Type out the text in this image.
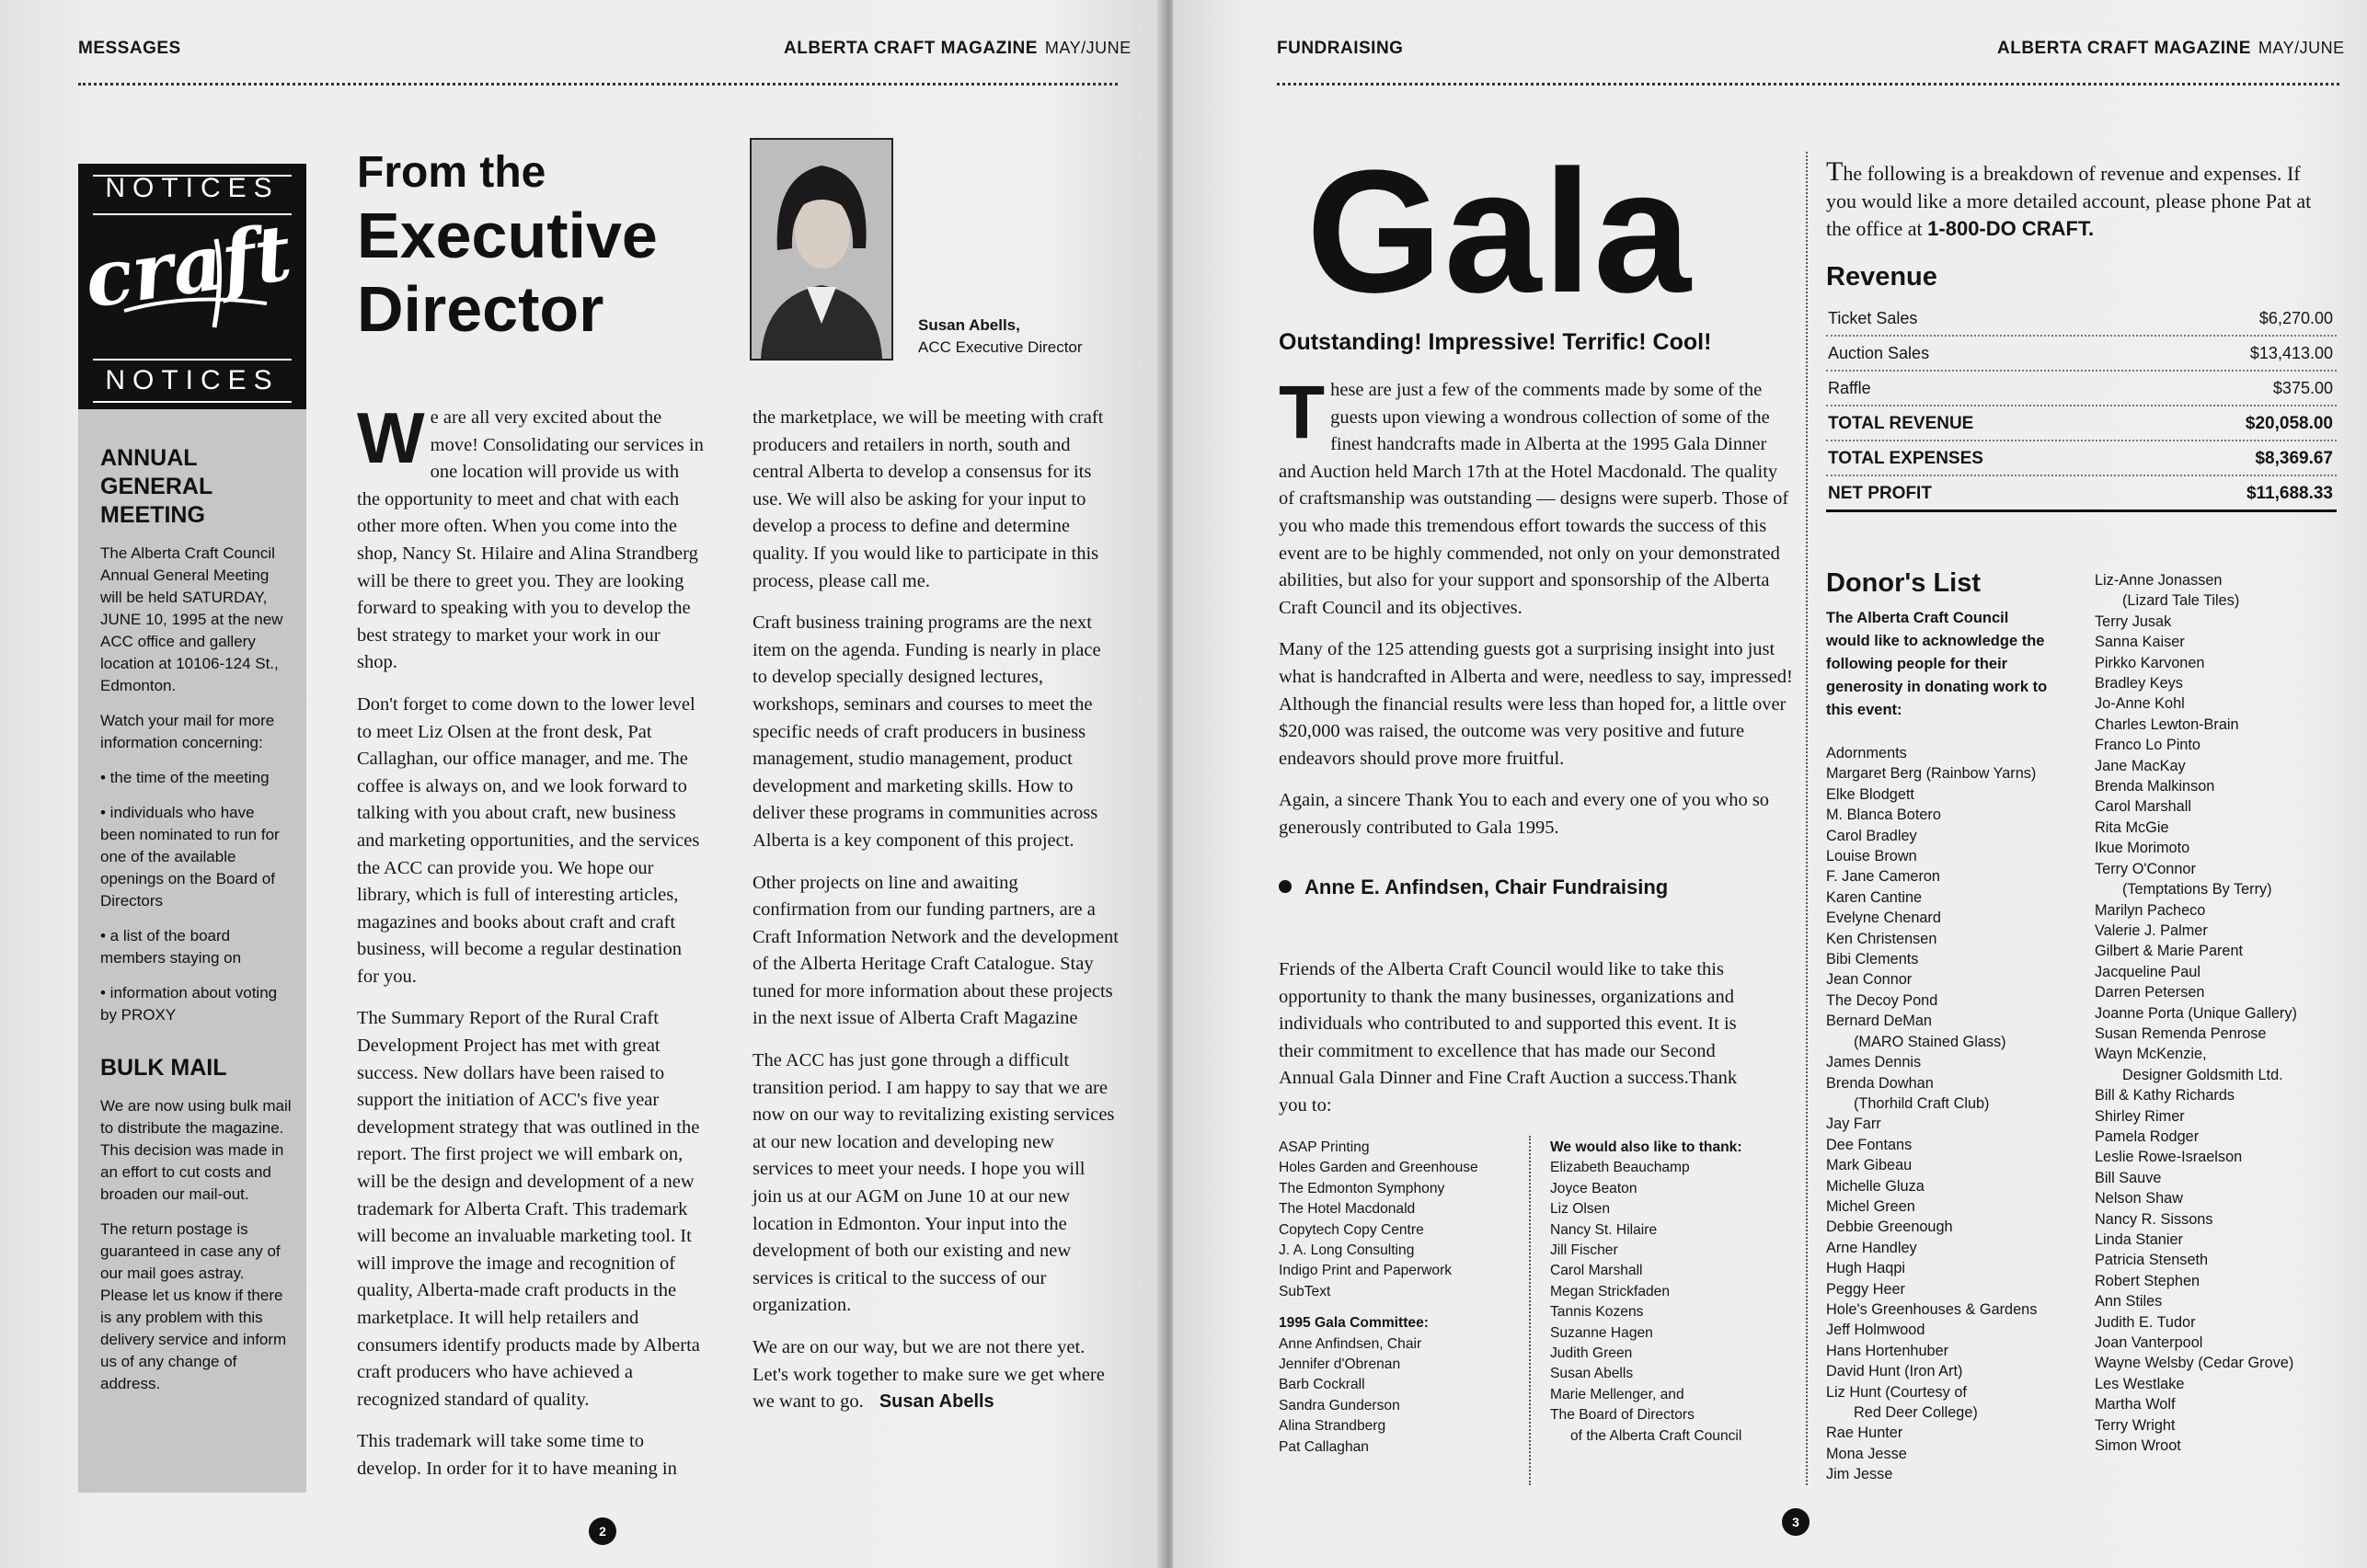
MESSAGES	ALBERTA CRAFT MAGAZINE MAY/JUNE
NOTICES
craft
NOTICES
ANNUAL GENERAL MEETING

The Alberta Craft Council Annual General Meeting will be held SATURDAY, JUNE 10, 1995 at the new ACC office and gallery location at 10106-124 St., Edmonton.

Watch your mail for more information concerning:

• the time of the meeting

• individuals who have been nominated to run for one of the available openings on the Board of Directors

• a list of the board members staying on

• information about voting by PROXY

BULK MAIL

We are now using bulk mail to distribute the magazine. This decision was made in an effort to cut costs and broaden our mail-out.

The return postage is guaranteed in case any of our mail goes astray. Please let us know if there is any problem with this delivery service and inform us of any change of address.

From the
Executive
Director	Susan Abells,
ACC Executive Director

We are all very excited about the move! Consolidating our services in one location will provide us with the opportunity to meet and chat with each other more often. When you come into the shop, Nancy St. Hilaire and Alina Strandberg will be there to greet you. They are looking forward to speaking with you to develop the best strategy to market your work in our shop.

Don't forget to come down to the lower level to meet Liz Olsen at the front desk, Pat Callaghan, our office manager, and me. The coffee is always on, and we look forward to talking with you about craft, new business and marketing opportunities, and the services the ACC can provide you. We hope our library, which is full of interesting articles, magazines and books about craft and craft business, will become a regular destination for you.

The Summary Report of the Rural Craft Development Project has met with great success. New dollars have been raised to support the initiation of ACC's five year development strategy that was outlined in the report. The first project we will embark on, will be the design and development of a new trademark for Alberta Craft. This trademark will become an invaluable marketing tool. It will improve the image and recognition of quality, Alberta-made craft products in the marketplace. It will help retailers and consumers identify products made by Alberta craft producers who have achieved a recognized standard of quality.

This trademark will take some time to develop. In order for it to have meaning in

the marketplace, we will be meeting with craft producers and retailers in north, south and central Alberta to develop a consensus for its use. We will also be asking for your input to develop a process to define and determine quality. If you would like to participate in this process, please call me.

Craft business training programs are the next item on the agenda. Funding is nearly in place to develop specially designed lectures, workshops, seminars and courses to meet the specific needs of craft producers in business management, studio management, product development and marketing skills. How to deliver these programs in communities across Alberta is a key component of this project.

Other projects on line and awaiting confirmation from our funding partners, are a Craft Information Network and the development of the Alberta Heritage Craft Catalogue. Stay tuned for more information about these projects in the next issue of Alberta Craft Magazine

The ACC has just gone through a difficult transition period. I am happy to say that we are now on our way to revitalizing existing services at our new location and developing new services to meet your needs. I hope you will join us at our AGM on June 10 at our new location in Edmonton. Your input into the development of both our existing and new services is critical to the success of our organization.

We are on our way, but we are not there yet. Let's work together to make sure we get where we want to go. Susan Abells

2
FUNDRAISING	ALBERTA CRAFT MAGAZINE MAY/JUNE
Gala
Outstanding! Impressive! Terrific! Cool!

These are just a few of the comments made by some of the guests upon viewing a wondrous collection of some of the finest handcrafts made in Alberta at the 1995 Gala Dinner and Auction held March 17th at the Hotel Macdonald. The quality of craftsmanship was outstanding — designs were superb. Those of you who made this tremendous effort towards the success of this event are to be highly commended, not only on your demonstrated abilities, but also for your support and sponsorship of the Alberta Craft Council and its objectives.

Many of the 125 attending guests got a surprising insight into just what is handcrafted in Alberta and were, needless to say, impressed! Although the financial results were less than hoped for, a little over $20,000 was raised, the outcome was very positive and future endeavors should prove more fruitful.

Again, a sincere Thank You to each and every one of you who so generously contributed to Gala 1995.

Anne E. Anfindsen, Chair Fundraising

Friends of the Alberta Craft Council would like to take this opportunity to thank the many businesses, organizations and individuals who contributed to and supported this event. It is their commitment to excellence that has made our Second Annual Gala Dinner and Fine Craft Auction a success.Thank you to:

ASAP Printing
Holes Garden and Greenhouse
The Edmonton Symphony
The Hotel Macdonald
Copytech Copy Centre
J. A. Long Consulting
Indigo Print and Paperwork
SubText
1995 Gala Committee:
Anne Anfindsen, Chair
Jennifer d'Obrenan
Barb Cockrall
Sandra Gunderson
Alina Strandberg
Pat Callaghan
We would also like to thank:
Elizabeth Beauchamp
Joyce Beaton
Liz Olsen
Nancy St. Hilaire
Jill Fischer
Carol Marshall
Megan Strickfaden
Tannis Kozens
Suzanne Hagen
Judith Green
Susan Abells
Marie Mellenger, and
The Board of Directors
of the Alberta Craft Council
The following is a breakdown of revenue and expenses. If you would like a more detailed account, please phone Pat at the office at 1-800-DO CRAFT.
Revenue
Ticket Sales	$6,270.00
Auction Sales	$13,413.00
Raffle	$375.00
TOTAL REVENUE	$20,058.00
TOTAL EXPENSES	$8,369.67
NET PROFIT	$11,688.33
Donor's List
The Alberta Craft Council would like to acknowledge the following people for their generosity in donating work to this event:
Adornments
Margaret Berg (Rainbow Yarns)
Elke Blodgett
M. Blanca Botero
Carol Bradley
Louise Brown
F. Jane Cameron
Karen Cantine
Evelyne Chenard
Ken Christensen
Bibi Clements
Jean Connor
The Decoy Pond
Bernard DeMan
(MARO Stained Glass)
James Dennis
Brenda Dowhan
(Thorhild Craft Club)
Jay Farr
Dee Fontans
Mark Gibeau
Michelle Gluza
Michel Green
Debbie Greenough
Arne Handley
Hugh Haqpi
Peggy Heer
Hole's Greenhouses & Gardens
Jeff Holmwood
Hans Hortenhuber
David Hunt (Iron Art)
Liz Hunt (Courtesy of
Red Deer College)
Rae Hunter
Mona Jesse
Jim Jesse
Liz-Anne Jonassen
(Lizard Tale Tiles)
Terry Jusak
Sanna Kaiser
Pirkko Karvonen
Bradley Keys
Jo-Anne Kohl
Charles Lewton-Brain
Franco Lo Pinto
Jane MacKay
Brenda Malkinson
Carol Marshall
Rita McGie
Ikue Morimoto
Terry O'Connor
(Temptations By Terry)
Marilyn Pacheco
Valerie J. Palmer
Gilbert & Marie Parent
Jacqueline Paul
Darren Petersen
Joanne Porta (Unique Gallery)
Susan Remenda Penrose
Wayn McKenzie,
Designer Goldsmith Ltd.
Bill & Kathy Richards
Shirley Rimer
Pamela Rodger
Leslie Rowe-Israelson
Bill Sauve
Nelson Shaw
Nancy R. Sissons
Linda Stanier
Patricia Stenseth
Robert Stephen
Ann Stiles
Judith E. Tudor
Joan Vanterpool
Wayne Welsby (Cedar Grove)
Les Westlake
Martha Wolf
Terry Wright
Simon Wroot
3
